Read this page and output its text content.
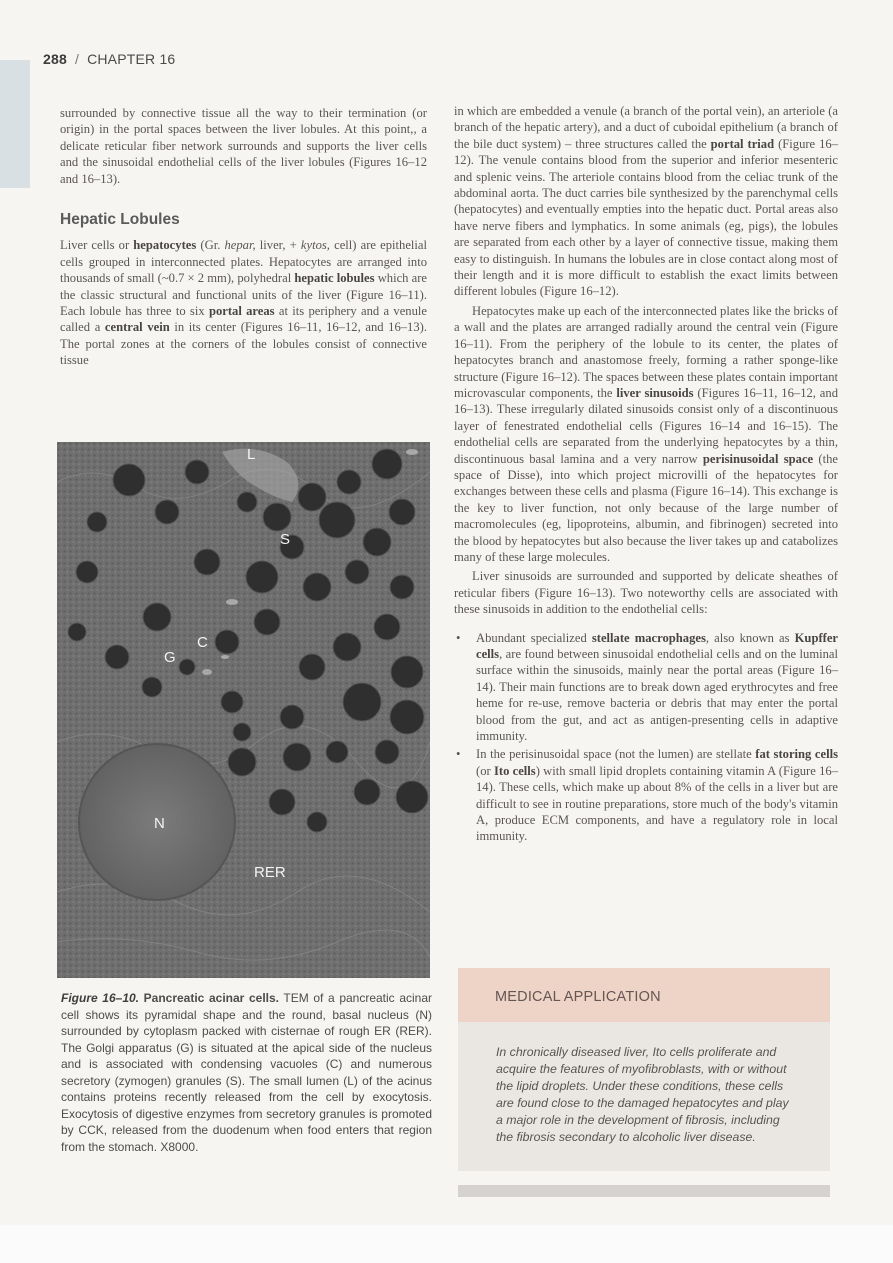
288 / CHAPTER 16

surrounded by connective tissue all the way to their termination (or origin) in the portal spaces between the liver lobules. At this point,, a delicate reticular fiber network surrounds and supports the liver cells and the sinusoidal endothelial cells of the liver lobules (Figures 16–12 and 16–13).

Hepatic Lobules

Liver cells or hepatocytes (Gr. hepar, liver, + kytos, cell) are epithelial cells grouped in interconnected plates. Hepatocytes are arranged into thousands of small (~0.7 × 2 mm), polyhedral hepatic lobules which are the classic structural and functional units of the liver (Figure 16–11). Each lobule has three to six portal areas at its periphery and a venule called a central vein in its center (Figures 16–11, 16–12, and 16–13). The portal zones at the corners of the lobules consist of connective tissue

L
S
G
C
N
RER
Figure 16–10. Pancreatic acinar cells. TEM of a pancreatic acinar cell shows its pyramidal shape and the round, basal nucleus (N) surrounded by cytoplasm packed with cisternae of rough ER (RER). The Golgi apparatus (G) is situated at the apical side of the nucleus and is associated with condensing vacuoles (C) and numerous secretory (zymogen) granules (S). The small lumen (L) of the acinus contains proteins recently released from the cell by exocytosis. Exocytosis of digestive enzymes from secretory granules is promoted by CCK, released from the duodenum when food enters that region from the stomach. X8000.

in which are embedded a venule (a branch of the portal vein), an arteriole (a branch of the hepatic artery), and a duct of cuboidal epithelium (a branch of the bile duct system) – three structures called the portal triad (Figure 16–12). The venule contains blood from the superior and inferior mesenteric and splenic veins. The arteriole contains blood from the celiac trunk of the abdominal aorta. The duct carries bile synthesized by the parenchymal cells (hepatocytes) and eventually empties into the hepatic duct. Portal areas also have nerve fibers and lymphatics. In some animals (eg, pigs), the lobules are separated from each other by a layer of connective tissue, making them easy to distinguish. In humans the lobules are in close contact along most of their length and it is more difficult to establish the exact limits between different lobules (Figure 16–12).

Hepatocytes make up each of the interconnected plates like the bricks of a wall and the plates are arranged radially around the central vein (Figure 16–11). From the periphery of the lobule to its center, the plates of hepatocytes branch and anastomose freely, forming a rather sponge-like structure (Figure 16–12). The spaces between these plates contain important microvascular components, the liver sinusoids (Figures 16–11, 16–12, and 16–13). These irregularly dilated sinusoids consist only of a discontinuous layer of fenestrated endothelial cells (Figures 16–14 and 16–15). The endothelial cells are separated from the underlying hepatocytes by a thin, discontinuous basal lamina and a very narrow perisinusoidal space (the space of Disse), into which project microvilli of the hepatocytes for exchanges between these cells and plasma (Figure 16–14). This exchange is the key to liver function, not only because of the large number of macromolecules (eg, lipoproteins, albumin, and fibrinogen) secreted into the blood by hepatocytes but also because the liver takes up and catabolizes many of these large molecules.

Liver sinusoids are surrounded and supported by delicate sheathes of reticular fibers (Figure 16–13). Two noteworthy cells are associated with these sinusoids in addition to the endothelial cells:

• Abundant specialized stellate macrophages, also known as Kupffer cells, are found between sinusoidal endothelial cells and on the luminal surface within the sinusoids, mainly near the portal areas (Figure 16–14). Their main functions are to break down aged erythrocytes and free heme for re-use, remove bacteria or debris that may enter the portal blood from the gut, and act as antigen-presenting cells in adaptive immunity.
• In the perisinusoidal space (not the lumen) are stellate fat storing cells (or Ito cells) with small lipid droplets containing vitamin A (Figure 16–14). These cells, which make up about 8% of the cells in a liver but are difficult to see in routine preparations, store much of the body's vitamin A, produce ECM components, and have a regulatory role in local immunity.
MEDICAL APPLICATION
In chronically diseased liver, Ito cells proliferate and acquire the features of myofibroblasts, with or without the lipid droplets. Under these conditions, these cells are found close to the damaged hepatocytes and play a major role in the development of fibrosis, including the fibrosis secondary to alcoholic liver disease.
